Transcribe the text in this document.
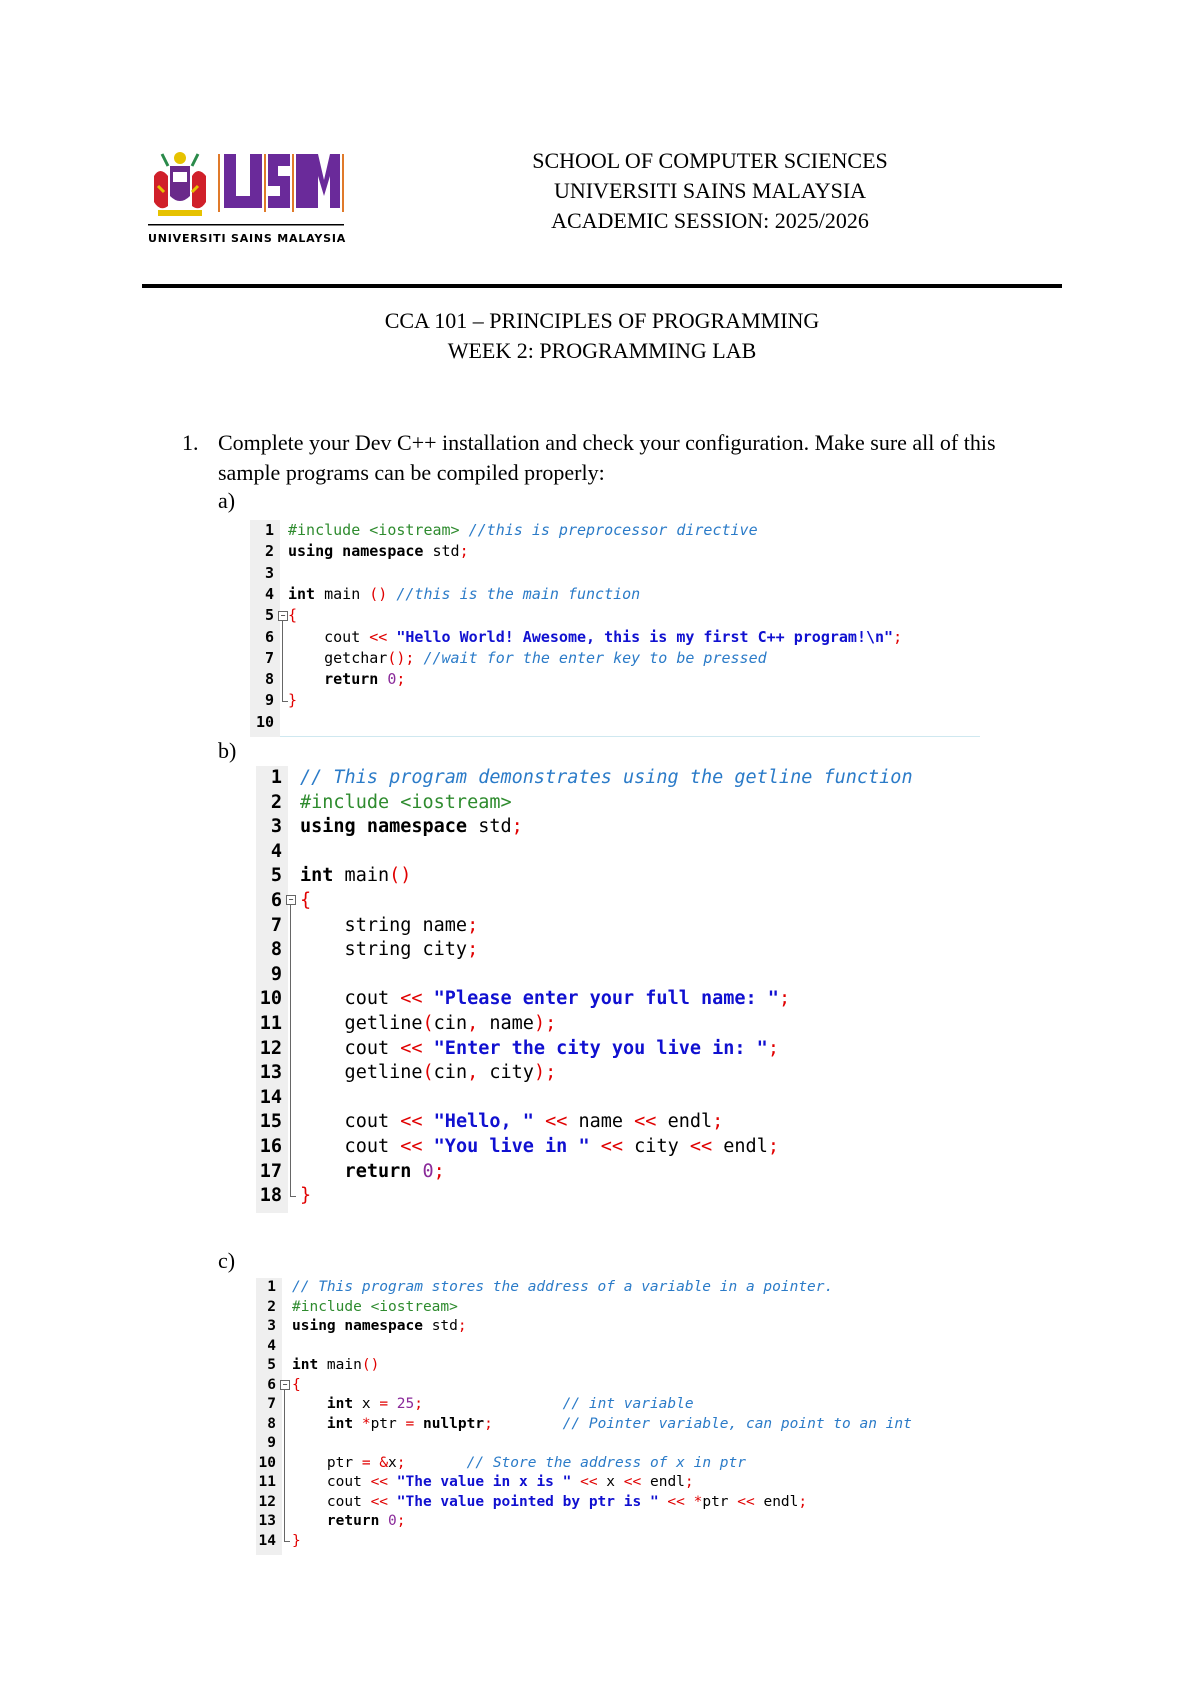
UNIVERSITI SAINS MALAYSIA
SCHOOL OF COMPUTER SCIENCES
UNIVERSITI SAINS MALAYSIA
ACADEMIC SESSION: 2025/2026
CCA 101 – PRINCIPLES OF PROGRAMMING
WEEK 2: PROGRAMMING LAB
1. Complete your Dev C++ installation and check your configuration. Make sure all of this sample programs can be compiled properly:
a)
b)
c)
1 #include <iostream> //this is preprocessor directive
2 using namespace std;
3
4 int main () //this is the main function
5 {
6 cout << "Hello World! Awesome, this is my first C++ program!\n";
7 getchar(); //wait for the enter key to be pressed
8 return 0;
9 }
10
−
1 // This program demonstrates using the getline function
2 #include <iostream>
3 using namespace std;
4
5 int main()
6 {
7 string name;
8 string city;
9
10 cout << "Please enter your full name: ";
11 getline(cin, name);
12 cout << "Enter the city you live in: ";
13 getline(cin, city);
14
15 cout << "Hello, " << name << endl;
16 cout << "You live in " << city << endl;
17 return 0;
18 }
−
1 // This program stores the address of a variable in a pointer.
2 #include <iostream>
3 using namespace std;
4
5 int main()
6 {
7 int x = 25;                // int variable
8 int *ptr = nullptr;        // Pointer variable, can point to an int
9
10 ptr = &x;       // Store the address of x in ptr
11 cout << "The value in x is " << x << endl;
12 cout << "The value pointed by ptr is " << *ptr << endl;
13 return 0;
14 }
−
